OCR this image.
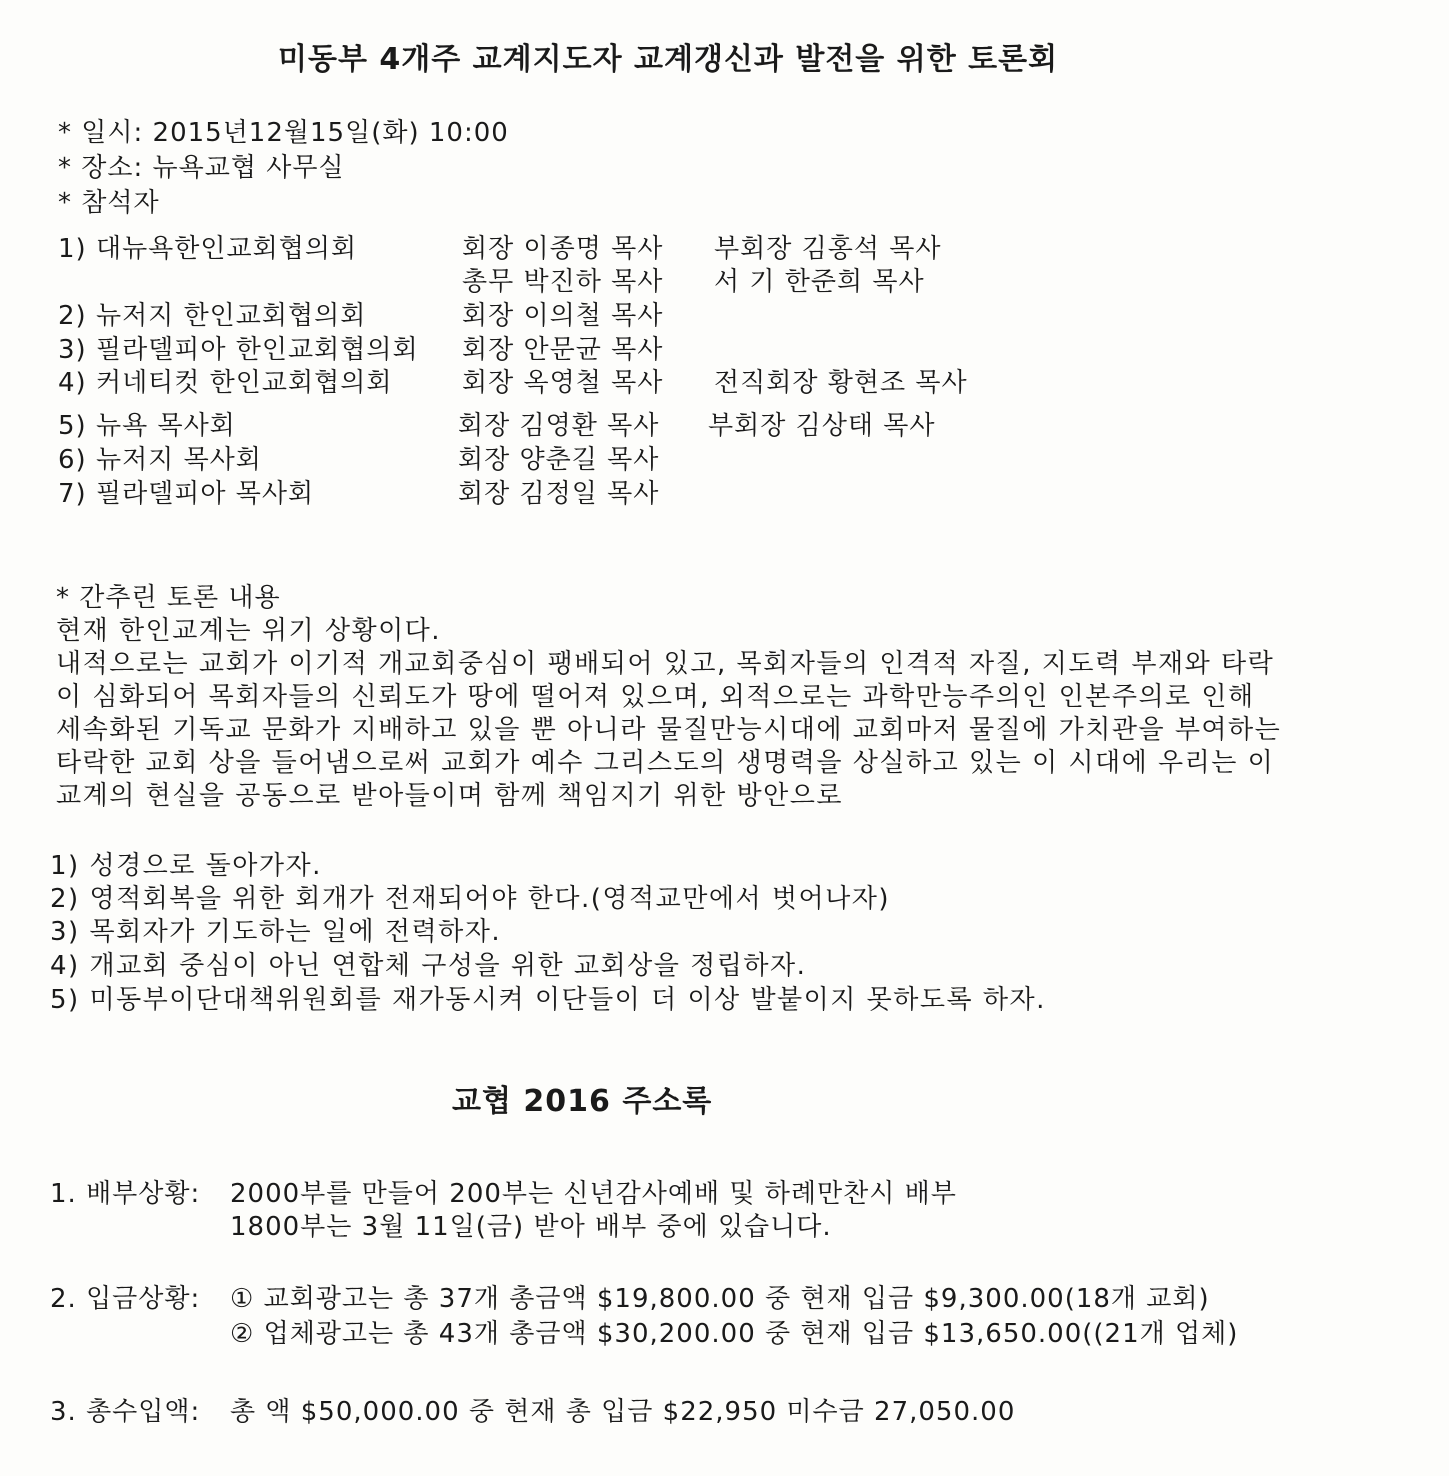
미동부 4개주 교계지도자 교계갱신과 발전을 위한 토론회
* 일시: 2015년12월15일(화) 10:00
* 장소: 뉴욕교협 사무실
* 참석자
1) 대뉴욕한인교회협의회	회장 이종명 목사 부회장 김홍석 목사
총무 박진하 목사 서 기 한준희 목사
2) 뉴저지 한인교회협의회	회장 이의철 목사
3) 필라델피아 한인교회협의회 회장 안문균 목사
4) 커네티컷 한인교회협의회	회장 옥영철 목사 전직회장 황현조 목사
5) 뉴욕 목사회	회장 김영환 목사 부회장 김상태 목사
6) 뉴저지 목사회	회장 양춘길 목사
7) 필라델피아 목사회	회장 김정일 목사
* 간추린 토론 내용
현재 한인교계는 위기 상황이다.
내적으로는 교회가 이기적 개교회중심이 팽배되어 있고, 목회자들의 인격적 자질, 지도력 부재와 타락
이 심화되어 목회자들의 신뢰도가 땅에 떨어져 있으며, 외적으로는 과학만능주의인 인본주의로 인해
세속화된 기독교 문화가 지배하고 있을 뿐 아니라 물질만능시대에 교회마저 물질에 가치관을 부여하는
타락한 교회 상을 들어냄으로써 교회가 예수 그리스도의 생명력을 상실하고 있는 이 시대에 우리는 이
교계의 현실을 공동으로 받아들이며 함께 책임지기 위한 방안으로
1) 성경으로 돌아가자.
2) 영적회복을 위한 회개가 전재되어야 한다.(영적교만에서 벗어나자)
3) 목회자가 기도하는 일에 전력하자.
4) 개교회 중심이 아닌 연합체 구성을 위한 교회상을 정립하자.
5) 미동부이단대책위원회를 재가동시켜 이단들이 더 이상 발붙이지 못하도록 하자.
교협 2016 주소록
1. 배부상황: 2000부를 만들어 200부는 신년감사예배 및 하례만찬시 배부
1800부는 3월 11일(금) 받아 배부 중에 있습니다.
2. 입금상황: ① 교회광고는 총 37개 총금액 $19,800.00 중 현재 입금 $9,300.00(18개 교회)
② 업체광고는 총 43개 총금액 $30,200.00 중 현재 입금 $13,650.00((21개 업체)
3. 총수입액: 총 액 $50,000.00 중 현재 총 입금 $22,950 미수금 27,050.00
